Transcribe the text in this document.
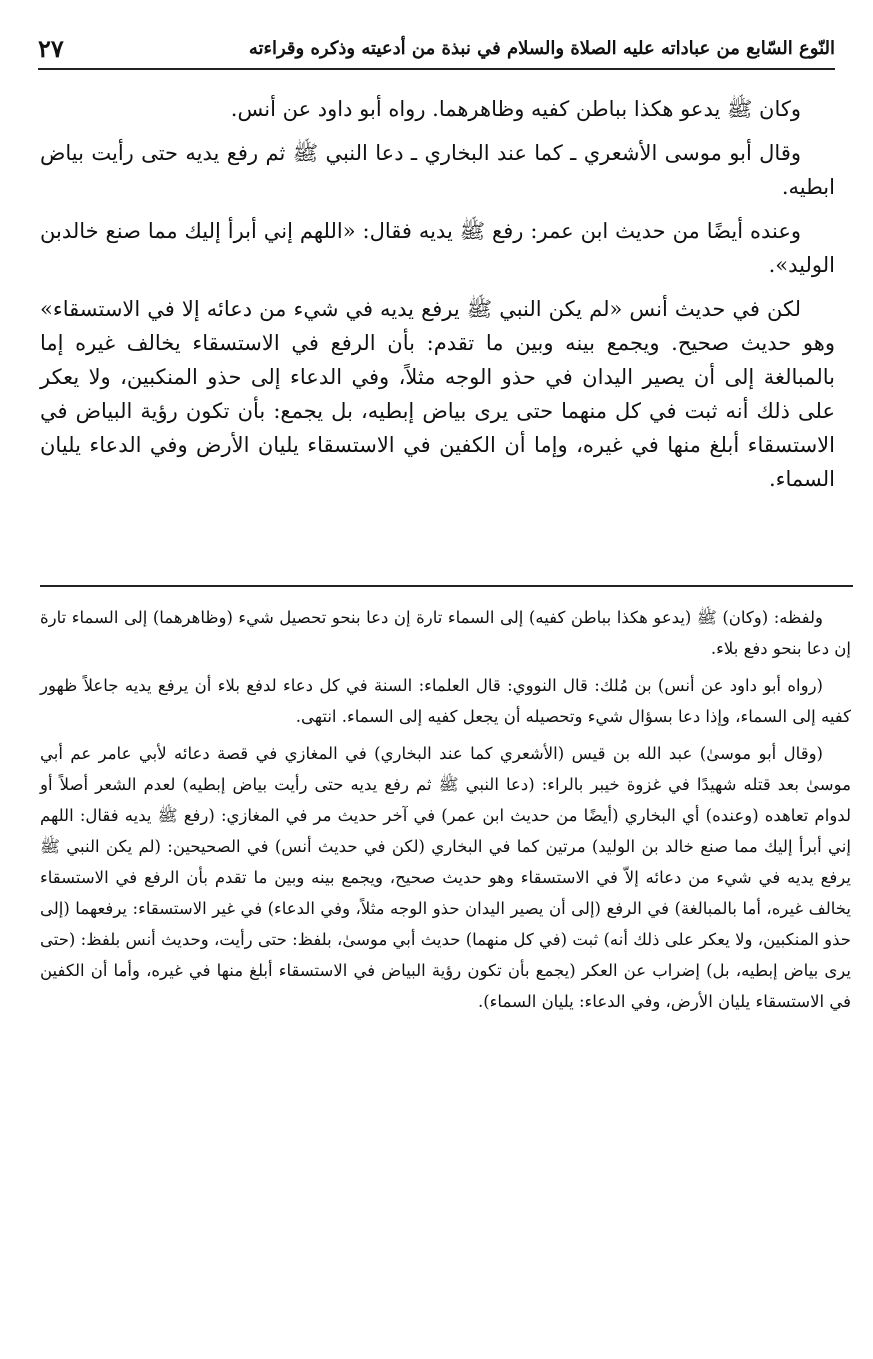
النّوع السّابع من عباداته عليه الصلاة والسلام في نبذة من أدعيته وذكره وقراءته
٢٧

وكان ﷺ يدعو هكذا بباطن كفيه وظاهرهما. رواه أبو داود عن أنس.

وقال أبو موسى الأشعري ـ كما عند البخاري ـ دعا النبي ﷺ ثم رفع يديه حتى رأيت بياض ابطيه.

وعنده أيضًا من حديث ابن عمر: رفع ﷺ يديه فقال: «اللهم إني أبرأ إليك مما صنع خالدبن الوليد».

لكن في حديث أنس «لم يكن النبي ﷺ يرفع يديه في شيء من دعائه إلا في الاستسقاء» وهو حديث صحيح. ويجمع بينه وبين ما تقدم: بأن الرفع في الاستسقاء يخالف غيره إما بالمبالغة إلى أن يصير اليدان في حذو الوجه مثلاً، وفي الدعاء إلى حذو المنكبين، ولا يعكر على ذلك أنه ثبت في كل منهما حتى يرى بياض إبطيه، بل يجمع: بأن تكون رؤية البياض في الاستسقاء أبلغ منها في غيره، وإما أن الكفين في الاستسقاء يليان الأرض وفي الدعاء يليان السماء.

ولفظه: (وكان) ﷺ (يدعو هكذا بباطن كفيه) إلى السماء تارة إن دعا بنحو تحصيل شيء (وظاهرهما) إلى السماء تارة إن دعا بنحو دفع بلاء.

(رواه أبو داود عن أنس) بن مُلك: قال النووي: قال العلماء: السنة في كل دعاء لدفع بلاء أن يرفع يديه جاعلاً ظهور كفيه إلى السماء، وإذا دعا بسؤال شيء وتحصيله أن يجعل كفيه إلى السماء. انتهى.

(وقال أبو موسىٰ) عبد الله بن قيس (الأشعري كما عند البخاري) في المغازي في قصة دعائه لأبي عامر عم أبي موسىٰ بعد قتله شهيدًا في غزوة خيبر بالراء: (دعا النبي ﷺ ثم رفع يديه حتى رأيت بياض إبطيه) لعدم الشعر أصلاً أو لدوام تعاهده (وعنده) أي البخاري (أيضًا من حديث ابن عمر) في آخر حديث مر في المغازي: (رفع ﷺ يديه فقال: اللهم إني أبرأ إليك مما صنع خالد بن الوليد) مرتين كما في البخاري (لكن في حديث أنس) في الصحيحين: (لم يكن النبي ﷺ يرفع يديه في شيء من دعائه إلاّ في الاستسقاء وهو حديث صحيح، ويجمع بينه وبين ما تقدم بأن الرفع في الاستسقاء يخالف غيره، أما بالمبالغة) في الرفع (إلى أن يصير اليدان حذو الوجه مثلاً، وفي الدعاء) في غير الاستسقاء: يرفعهما (إلى حذو المنكبين، ولا يعكر على ذلك أنه) ثبت (في كل منهما) حديث أبي موسىٰ، بلفظ: حتى رأيت، وحديث أنس بلفظ: (حتى يرى بياض إبطيه، بل) إضراب عن العكر (يجمع بأن تكون رؤية البياض في الاستسقاء أبلغ منها في غيره، وأما أن الكفين في الاستسقاء يليان الأرض، وفي الدعاء: يليان السماء).
